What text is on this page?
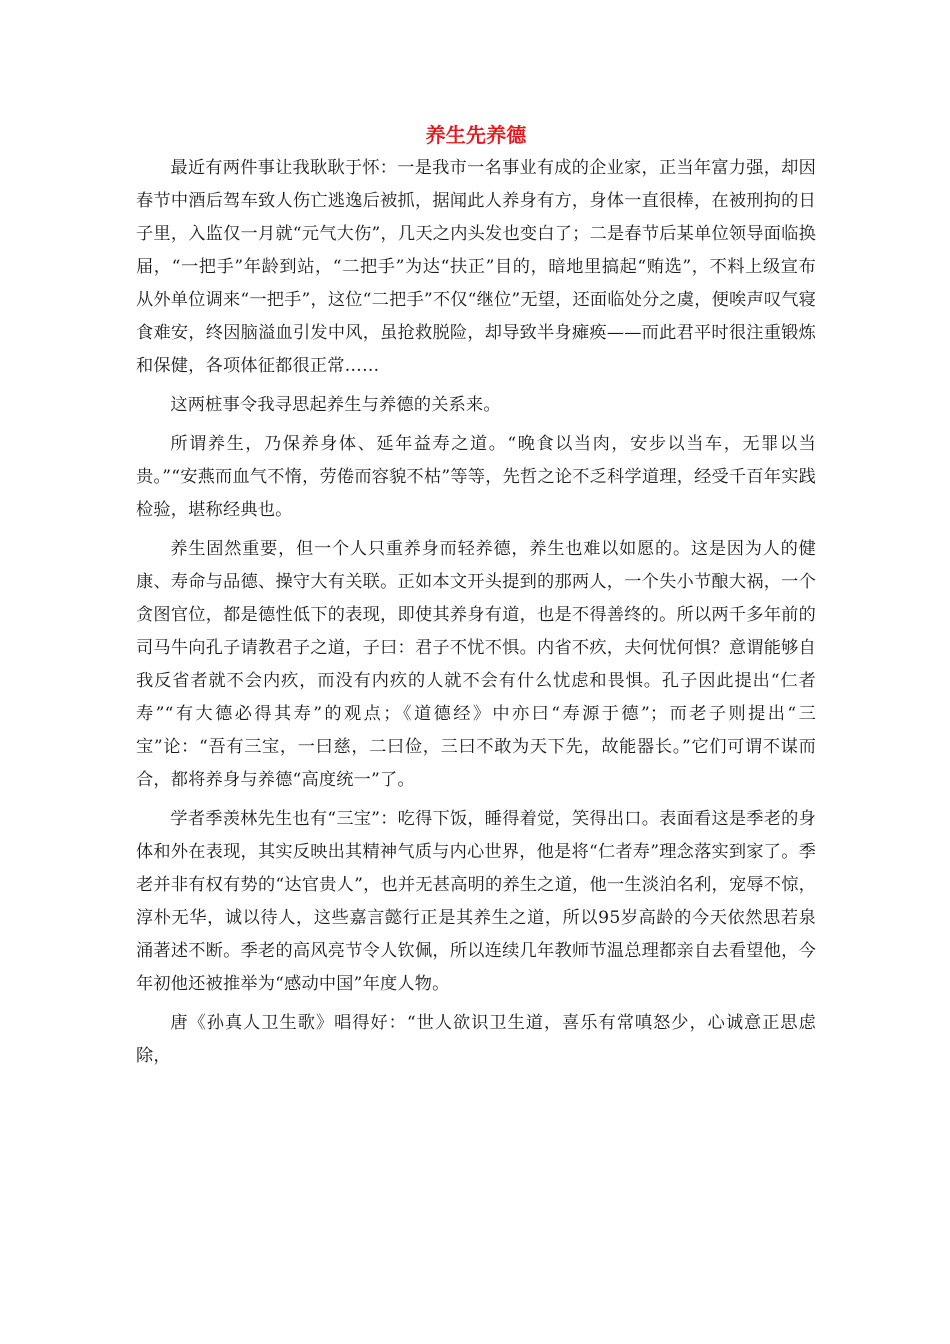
养生先养德

最近有两件事让我耿耿于怀：一是我市一名事业有成的企业家，正当年富力强，却因春节中酒后驾车致人伤亡逃逸后被抓，据闻此人养身有方，身体一直很棒，在被刑拘的日子里，入监仅一月就“元气大伤”，几天之内头发也变白了；二是春节后某单位领导面临换届，“一把手”年龄到站，“二把手”为达“扶正”目的，暗地里搞起“贿选”，不料上级宣布从外单位调来“一把手”，这位“二把手”不仅“继位”无望，还面临处分之虞，便唉声叹气寝食难安，终因脑溢血引发中风，虽抢救脱险，却导致半身瘫痪——而此君平时很注重锻炼和保健，各项体征都很正常……

这两桩事令我寻思起养生与养德的关系来。

所谓养生，乃保养身体、延年益寿之道。“晚食以当肉，安步以当车，无罪以当贵。”“安燕而血气不惰，劳倦而容貌不枯”等等，先哲之论不乏科学道理，经受千百年实践检验，堪称经典也。

养生固然重要，但一个人只重养身而轻养德，养生也难以如愿的。这是因为人的健康、寿命与品德、操守大有关联。正如本文开头提到的那两人，一个失小节酿大祸，一个贪图官位，都是德性低下的表现，即使其养身有道，也是不得善终的。所以两千多年前的司马牛向孔子请教君子之道，子曰：君子不忧不惧。内省不疚，夫何忧何惧？意谓能够自我反省者就不会内疚，而没有内疚的人就不会有什么忧虑和畏惧。孔子因此提出“仁者寿”“有大德必得其寿”的观点；《道德经》中亦曰“寿源于德”；而老子则提出“三宝”论：“吾有三宝，一曰慈，二曰俭，三曰不敢为天下先，故能器长。”它们可谓不谋而合，都将养身与养德“高度统一”了。

学者季羡林先生也有“三宝”：吃得下饭，睡得着觉，笑得出口。表面看这是季老的身体和外在表现，其实反映出其精神气质与内心世界，他是将“仁者寿”理念落实到家了。季老并非有权有势的“达官贵人”，也并无甚高明的养生之道，他一生淡泊名利，宠辱不惊，淳朴无华，诚以待人，这些嘉言懿行正是其养生之道，所以95岁高龄的今天依然思若泉涌著述不断。季老的高风亮节令人钦佩，所以连续几年教师节温总理都亲自去看望他，今年初他还被推举为“感动中国”年度人物。

唐《孙真人卫生歌》唱得好：“世人欲识卫生道，喜乐有常嗔怒少，心诚意正思虑除，
